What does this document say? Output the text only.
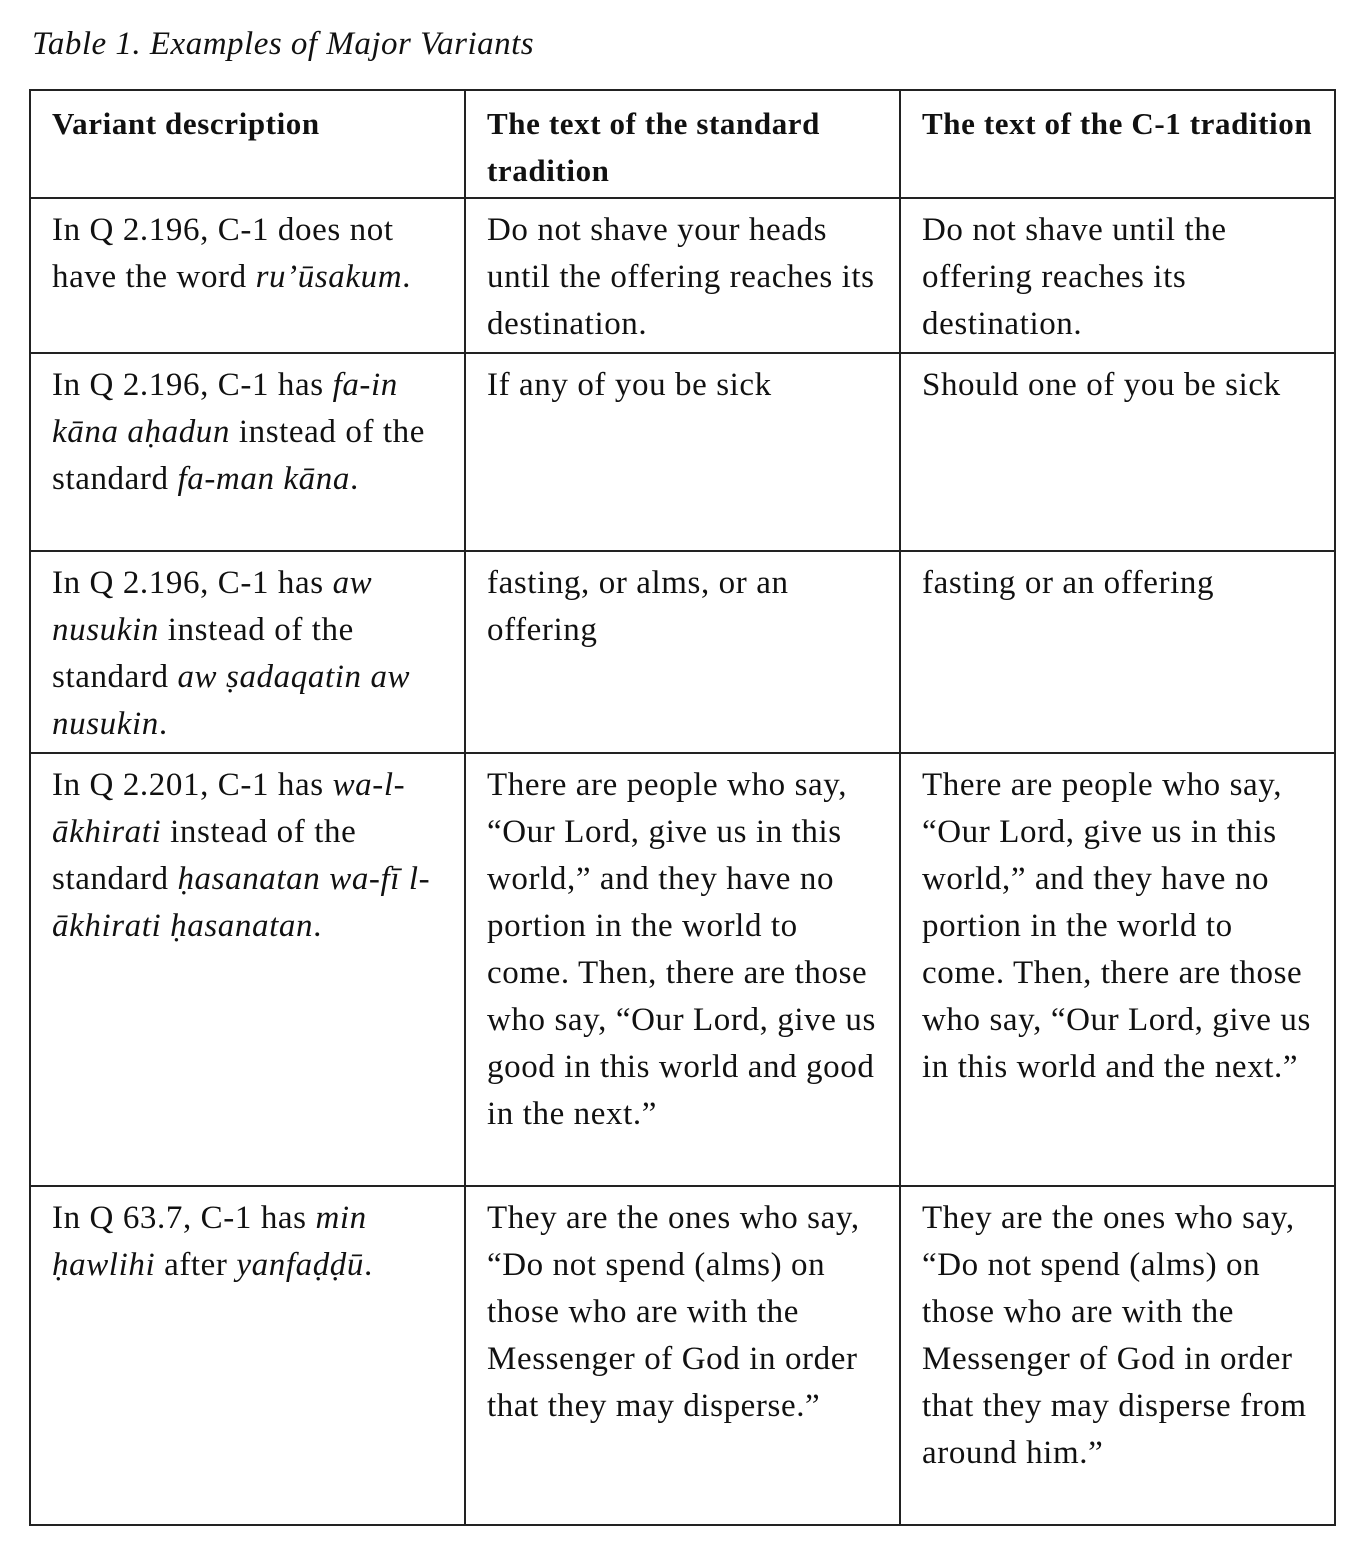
Table 1. Examples of Major Variants
Variant description	The text of the standard tradition	The text of the C-1 tradition
In Q 2.196, C-1 does not have the word ru’ūsakum.	Do not shave your heads until the offering reaches its destination.	Do not shave until the offering reaches its destination.
In Q 2.196, C-1 has fa-in kāna aḥadun instead of the standard fa-man kāna.	If any of you be sick	Should one of you be sick
In Q 2.196, C-1 has aw nusukin instead of the standard aw ṣadaqatin aw nusukin.	fasting, or alms, or an offering	fasting or an offering
In Q 2.201, C-1 has wa-l-ākhirati instead of the standard ḥasanatan wa-fī l-ākhirati ḥasanatan.	There are people who say, “Our Lord, give us in this world,” and they have no portion in the world to come. Then, there are those who say, “Our Lord, give us good in this world and good in the next.”	There are people who say, “Our Lord, give us in this world,” and they have no portion in the world to come. Then, there are those who say, “Our Lord, give us in this world and the next.”
In Q 63.7, C-1 has min ḥawlihi after yanfaḍḍū.	They are the ones who say, “Do not spend (alms) on those who are with the Messenger of God in order that they may disperse.”	They are the ones who say, “Do not spend (alms) on those who are with the Messenger of God in order that they may disperse from around him.”
